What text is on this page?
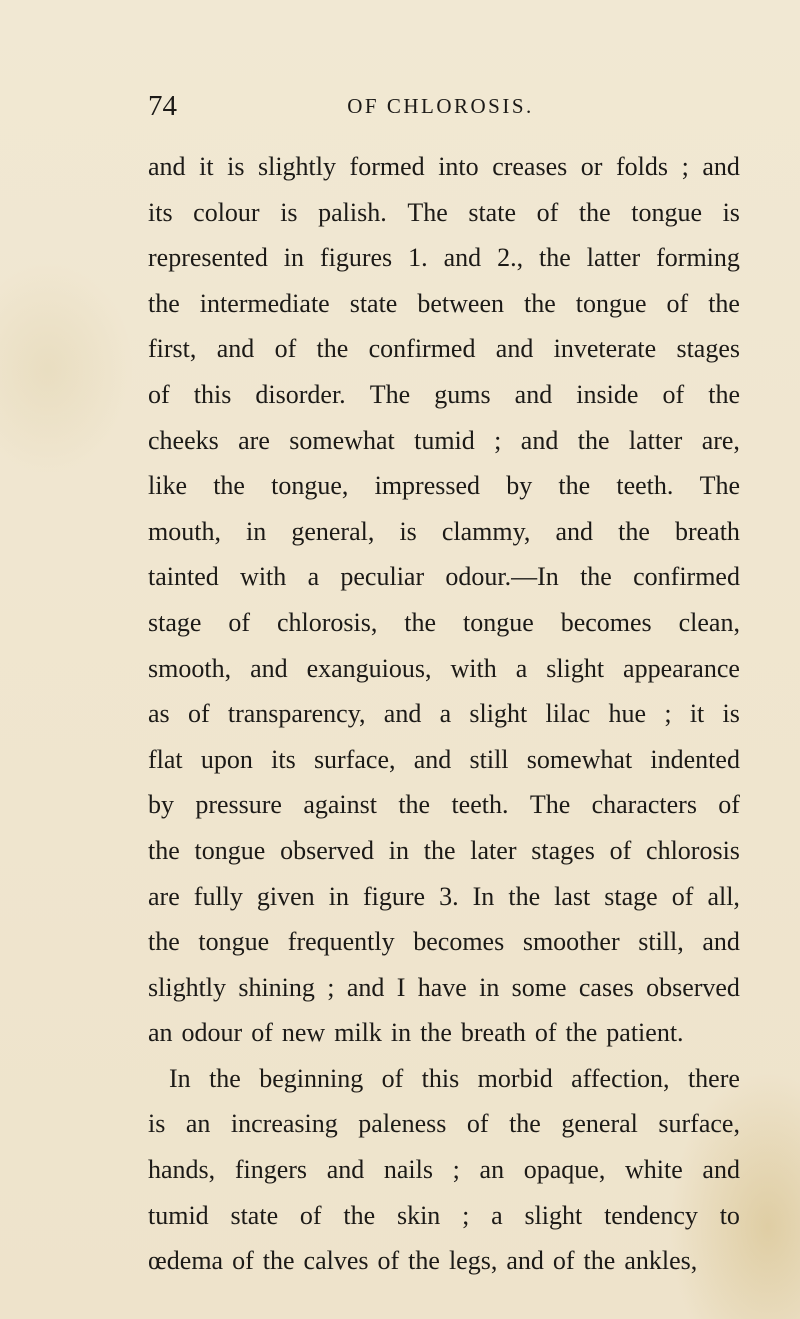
74	OF CHLOROSIS.
and it is slightly formed into creases or folds ; and
its colour is palish. The state of the tongue is
represented in figures 1. and 2., the latter forming
the intermediate state between the tongue of the
first, and of the confirmed and inveterate stages
of this disorder. The gums and inside of the
cheeks are somewhat tumid ; and the latter are,
like the tongue, impressed by the teeth. The
mouth, in general, is clammy, and the breath
tainted with a peculiar odour.—In the confirmed
stage of chlorosis, the tongue becomes clean,
smooth, and exanguious, with a slight appearance
as of transparency, and a slight lilac hue ; it is
flat upon its surface, and still somewhat indented
by pressure against the teeth. The characters of
the tongue observed in the later stages of chlorosis
are fully given in figure 3. In the last stage of all,
the tongue frequently becomes smoother still, and
slightly shining ; and I have in some cases observed
an odour of new milk in the breath of the patient.
In the beginning of this morbid affection, there
is an increasing paleness of the general surface,
hands, fingers and nails ; an opaque, white and
tumid state of the skin ; a slight tendency to
œdema of the calves of the legs, and of the ankles,
